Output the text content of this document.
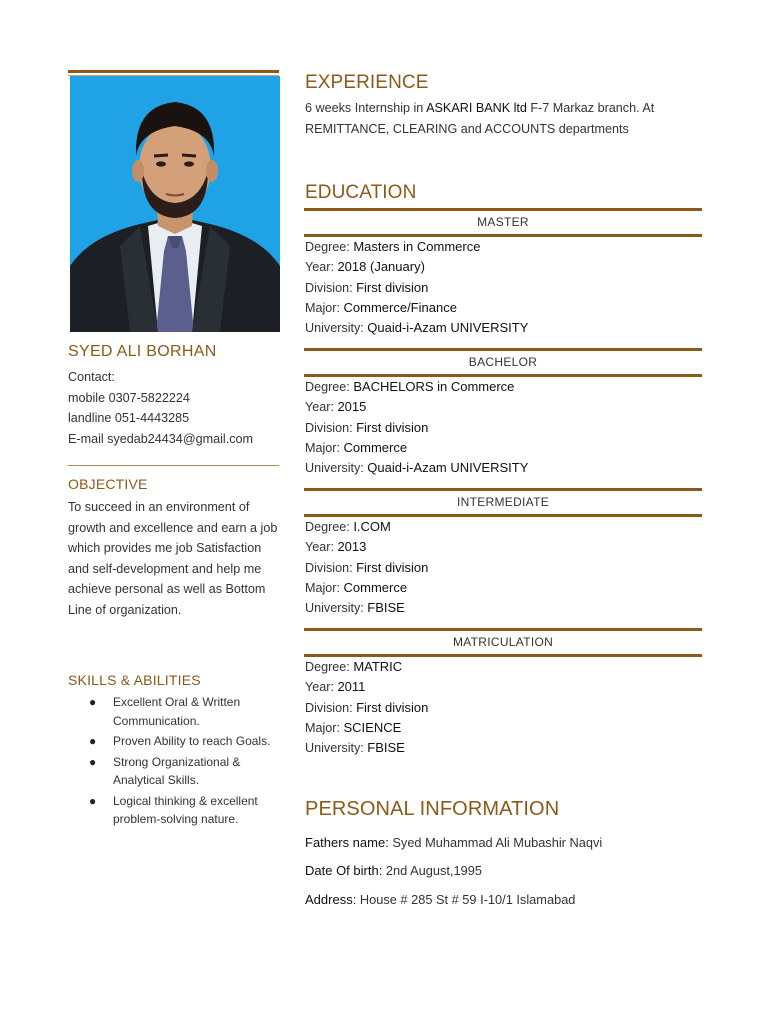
SYED ALI BORHAN
Contact:
mobile 0307-5822224
landline 051-4443285
E-mail syedab24434@gmail.com
OBJECTIVE
To succeed in an environment of growth and excellence and earn a job which provides me job Satisfaction and self-development and help me achieve personal as well as Bottom Line of organization.
SKILLS & ABILITIES
● Excellent Oral & Written Communication.
● Proven Ability to reach Goals.
● Strong Organizational & Analytical Skills.
● Logical thinking & excellent problem-solving nature.
EXPERIENCE
6 weeks Internship in ASKARI BANK ltd F-7 Markaz branch. At REMITTANCE, CLEARING and ACCOUNTS departments
EDUCATION
MASTER
Degree: Masters in Commerce
Year: 2018 (January)
Division: First division
Major: Commerce/Finance
University: Quaid-i-Azam UNIVERSITY
BACHELOR
Degree: BACHELORS in Commerce
Year: 2015
Division: First division
Major: Commerce
University: Quaid-i-Azam UNIVERSITY
INTERMEDIATE
Degree: I.COM
Year: 2013
Division: First division
Major: Commerce
University: FBISE
MATRICULATION
Degree: MATRIC
Year: 2011
Division: First division
Major: SCIENCE
University: FBISE
PERSONAL INFORMATION
Fathers name: Syed Muhammad Ali Mubashir Naqvi
Date Of birth: 2nd August,1995
Address: House # 285 St # 59 I-10/1 Islamabad
